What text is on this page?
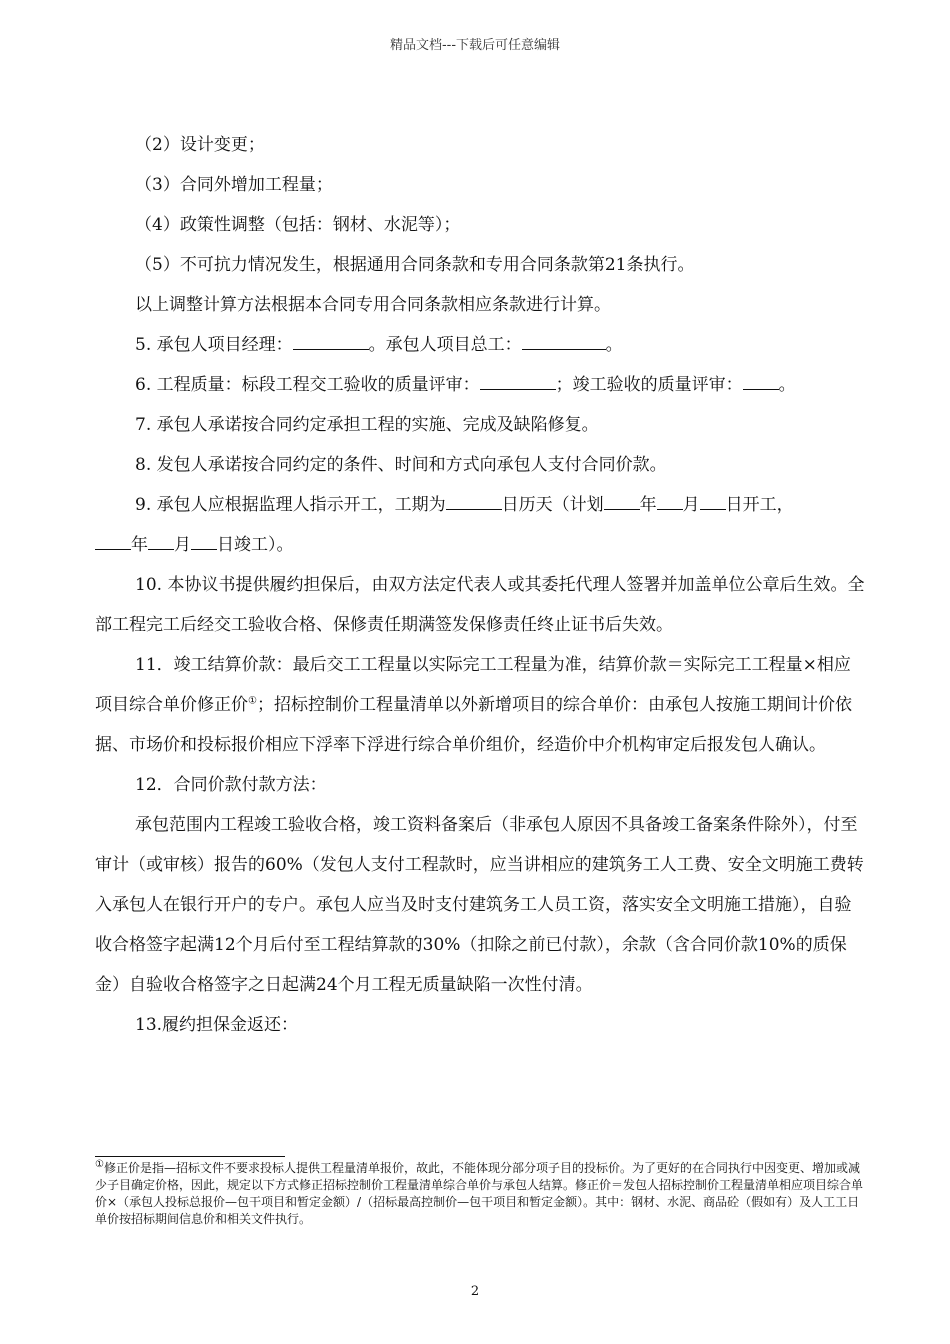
精品文档---下载后可任意编辑

（2）设计变更；

（3）合同外增加工程量；

（4）政策性调整（包括：钢材、水泥等）；

（5）不可抗力情况发生，根据通用合同条款和专用合同条款第21条执行。

以上调整计算方法根据本合同专用合同条款相应条款进行计算。

5. 承包人项目经理：	。承包人项目总工：	。

6. 工程质量：标段工程交工验收的质量评审：	；竣工验收的质量评审： 。

7. 承包人承诺按合同约定承担工程的实施、完成及缺陷修复。

8. 发包人承诺按合同约定的条件、时间和方式向承包人支付合同价款。

9. 承包人应根据监理人指示开工，工期为	日历天（计划 年 月 日开工，

年 月 日竣工）。

10. 本协议书提供履约担保后，由双方法定代表人或其委托代理人签署并加盖单位公章后生效。全部工程完工后经交工验收合格、保修责任期满签发保修责任终止证书后失效。

11．竣工结算价款：最后交工工程量以实际完工工程量为准，结算价款＝实际完工工程量×相应项目综合单价修正价①；招标控制价工程量清单以外新增项目的综合单价：由承包人按施工期间计价依据、市场价和投标报价相应下浮率下浮进行综合单价组价，经造价中介机构审定后报发包人确认。

12．合同价款付款方法：

承包范围内工程竣工验收合格，竣工资料备案后（非承包人原因不具备竣工备案条件除外），付至审计（或审核）报告的60%（发包人支付工程款时，应当讲相应的建筑务工人工费、安全文明施工费转入承包人在银行开户的专户。承包人应当及时支付建筑务工人员工资，落实安全文明施工措施），自验收合格签字起满12个月后付至工程结算款的30%（扣除之前已付款），余款（含合同价款10%的质保金）自验收合格签字之日起满24个月工程无质量缺陷一次性付清。

13.履约担保金返还：

①修正价是指—招标文件不要求投标人提供工程量清单报价，故此，不能体现分部分项子目的投标价。为了更好的在合同执行中因变更、增加或减少子目确定价格，因此，规定以下方式修正招标控制价工程量清单综合单价与承包人结算。修正价＝发包人招标控制价工程量清单相应项目综合单价×（承包人投标总报价—包干项目和暂定金额）/（招标最高控制价—包干项目和暂定金额）。其中：钢材、水泥、商品砼（假如有）及人工工日单价按招标期间信息价和相关文件执行。

2
